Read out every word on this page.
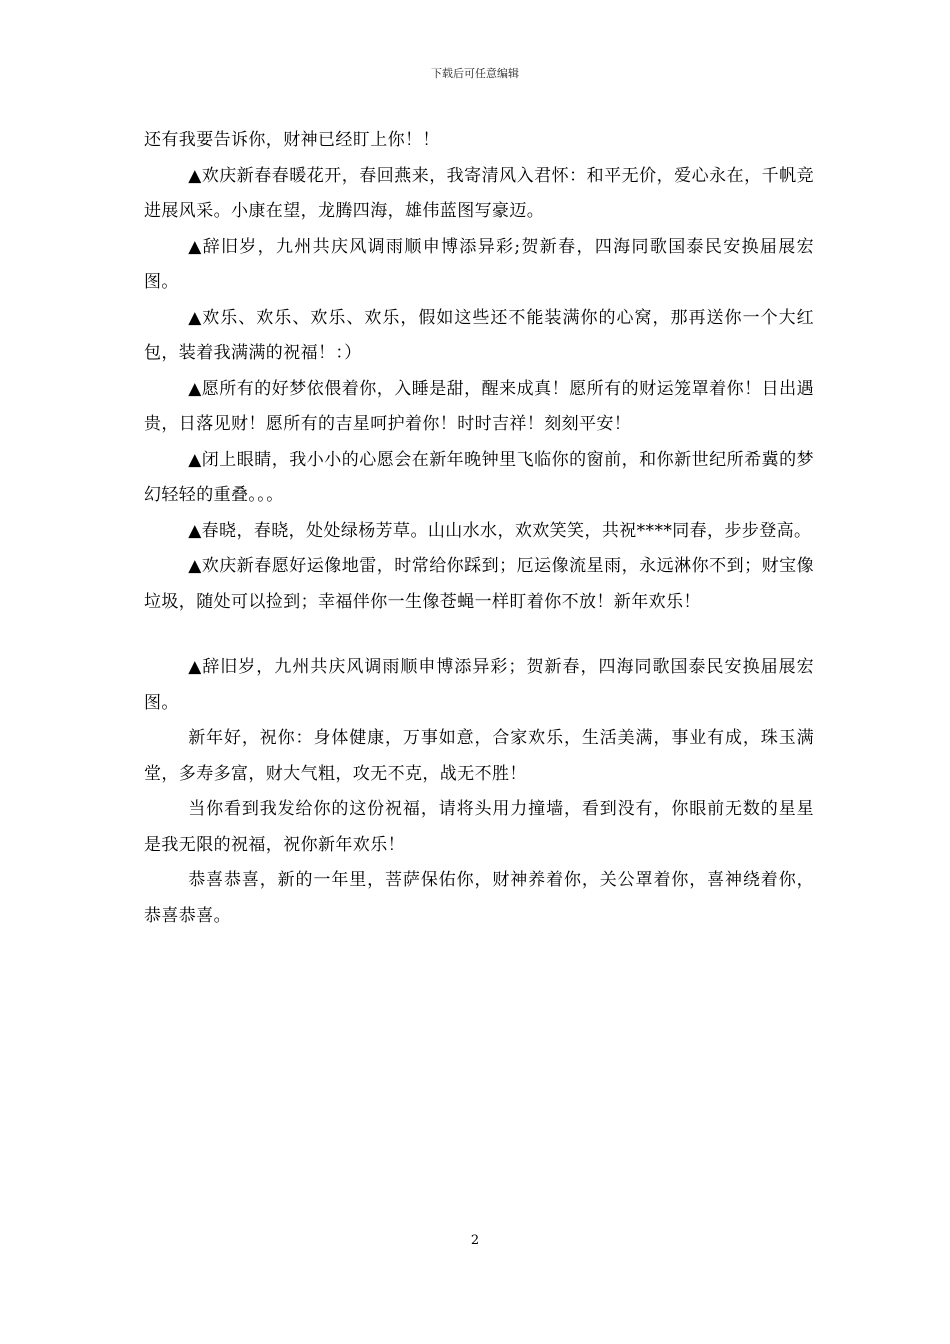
下载后可任意编辑

还有我要告诉你，财神已经盯上你！！

▲欢庆新春春暖花开，春回燕来，我寄清风入君怀：和平无价，爱心永在，千帆竞进展风采。小康在望，龙腾四海，雄伟蓝图写豪迈。

▲辞旧岁，九州共庆风调雨顺申博添异彩;贺新春，四海同歌国泰民安换届展宏图。

▲欢乐、欢乐、欢乐、欢乐，假如这些还不能装满你的心窝，那再送你一个大红包，装着我满满的祝福！：）

▲愿所有的好梦依偎着你，入睡是甜，醒来成真！愿所有的财运笼罩着你！日出遇贵，日落见财！愿所有的吉星呵护着你！时时吉祥！刻刻平安！

▲闭上眼睛，我小小的心愿会在新年晚钟里飞临你的窗前，和你新世纪所希冀的梦幻轻轻的重叠。。。

▲春晓，春晓，处处绿杨芳草。山山水水，欢欢笑笑，共祝****同春，步步登高。

▲欢庆新春愿好运像地雷，时常给你踩到；厄运像流星雨，永远淋你不到；财宝像垃圾，随处可以捡到；幸福伴你一生像苍蝇一样盯着你不放！新年欢乐！

▲辞旧岁，九州共庆风调雨顺申博添异彩；贺新春，四海同歌国泰民安换届展宏图。

新年好，祝你：身体健康，万事如意，合家欢乐，生活美满，事业有成，珠玉满堂，多寿多富，财大气粗，攻无不克，战无不胜！

当你看到我发给你的这份祝福，请将头用力撞墙，看到没有，你眼前无数的星星是我无限的祝福，祝你新年欢乐！

恭喜恭喜，新的一年里，菩萨保佑你，财神养着你，关公罩着你，喜神绕着你，恭喜恭喜。

2
